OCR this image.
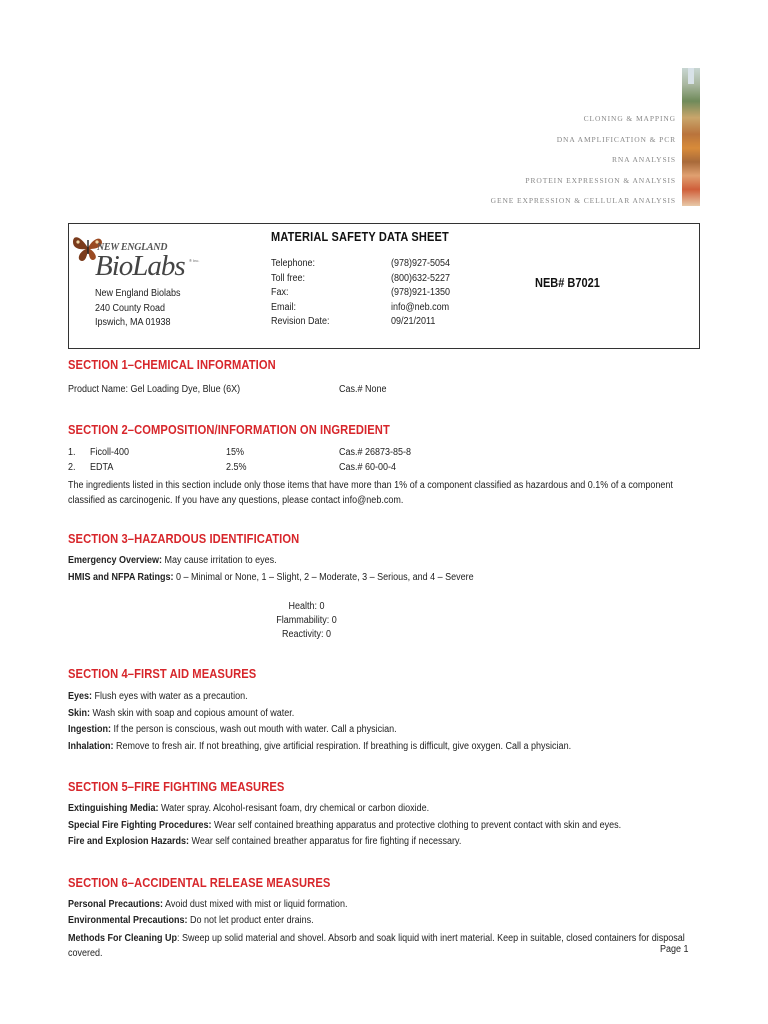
CLONING & MAPPING
DNA AMPLIFICATION & PCR
RNA ANALYSIS
PROTEIN EXPRESSION & ANALYSIS
GENE EXPRESSION & CELLULAR ANALYSIS
NEW ENGLAND
BioLabs ® Inc.
MATERIAL SAFETY DATA SHEET
New England Biolabs
240 County Road
Ipswich, MA 01938
Telephone:	(978)927-5054
Toll free:	(800)632-5227
Fax:	(978)921-1350
Email:	info@neb.com
Revision Date:	09/21/2011
NEB# B7021
SECTION 1–CHEMICAL INFORMATION
Product Name: Gel Loading Dye, Blue (6X)	Cas.# None
SECTION 2–COMPOSITION/INFORMATION ON INGREDIENT
1. Ficoll-400	15%	Cas.# 26873-85-8
2. EDTA	2.5%	Cas.# 60-00-4
The ingredients listed in this section include only those items that have more than 1% of a component classified as hazardous and 0.1% of a component classified as carcinogenic. If you have any questions, please contact info@neb.com.
SECTION 3–HAZARDOUS IDENTIFICATION
Emergency Overview: May cause irritation to eyes.
HMIS and NFPA Ratings: 0 – Minimal or None, 1 – Slight, 2 – Moderate, 3 – Serious, and 4 – Severe
Health: 0
Flammability: 0
Reactivity: 0
SECTION 4–FIRST AID MEASURES
Eyes: Flush eyes with water as a precaution.
Skin: Wash skin with soap and copious amount of water.
Ingestion: If the person is conscious, wash out mouth with water. Call a physician.
Inhalation: Remove to fresh air. If not breathing, give artificial respiration. If breathing is difficult, give oxygen. Call a physician.
SECTION 5–FIRE FIGHTING MEASURES
Extinguishing Media: Water spray. Alcohol-resisant foam, dry chemical or carbon dioxide.
Special Fire Fighting Procedures: Wear self contained breathing apparatus and protective clothing to prevent contact with skin and eyes.
Fire and Explosion Hazards: Wear self contained breather apparatus for fire fighting if necessary.
SECTION 6–ACCIDENTAL RELEASE MEASURES
Personal Precautions: Avoid dust mixed with mist or liquid formation.
Environmental Precautions: Do not let product enter drains.
Methods For Cleaning Up: Sweep up solid material and shovel. Absorb and soak liquid with inert material. Keep in suitable, closed containers for disposal covered.	Page 1
